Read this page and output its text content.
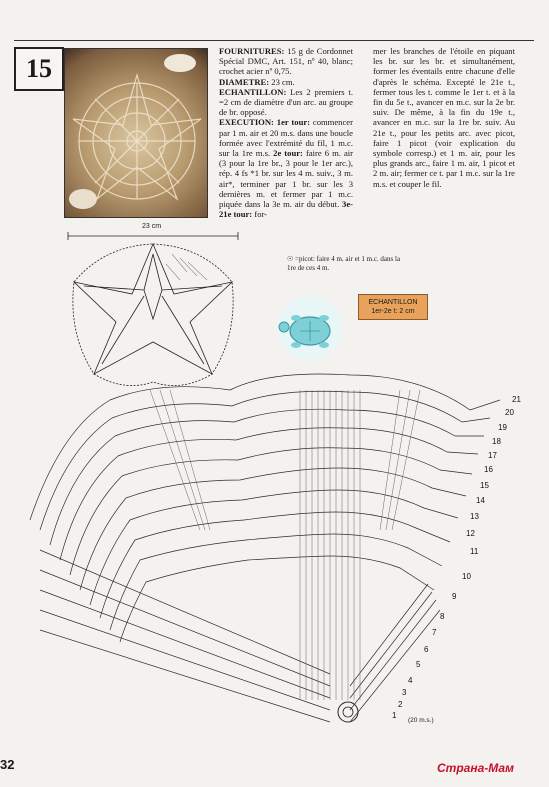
15
FOURNITURES: 15 g de Cordonnet Spécial DMC, Art. 151, nº 40, blanc; crochet acier nº 0,75.
DIAMETRE: 23 cm.
ECHANTILLON: Les 2 premiers t. =2 cm de diamètre d'un arc. au groupe de br. opposé.
EXECUTION: 1er tour: commencer par 1 m. air et 20 m.s. dans une boucle formée avec l'extrémité du fil, 1 m.c. sur la 1re m.s. 2e tour: faire 6 m. air (3 pour la 1re br., 3 pour le 1er arc.), rép. 4 fs *1 br. sur les 4 m. suiv., 3 m. air*, terminer par 1 br. sur les 3 dernières m. et fermer par 1 m.c. piquée dans la 3e m. air du début. 3e-21e tour: for-
mer les branches de l'étoile en piquant les br. sur les br. et simultanément, former les éventails entre chacune d'elle d'après le schéma. Excepté le 21e t., fermer tous les t. comme le 1er t. et à la fin du 5e t., avancer en m.c. sur la 2e br. suiv. De même, à la fin du 19e t., avancer en m.c. sur la 1re br. suiv. Au 21e t., pour les petits arc. avec picot, faire 1 picot (voir explication du symbole corresp.) et 1 m. air, pour les plus grands arc., faire 1 m. air, 1 picot et 2 m. air; fermer ce t. par 1 m.c. sur la 1re m.s. et couper le fil.
23 cm
☉ =picot: faire 4 m. air et 1 m.c. dans la 1re de ces 4 m.
ECHANTILLON
1er-2e t: 2 cm
21
20
19
18
17
16
15
14
13
12
11
10
9
8
7
6
5
4
3
2
1
(20 m.s.)
32	Страна-Мам
